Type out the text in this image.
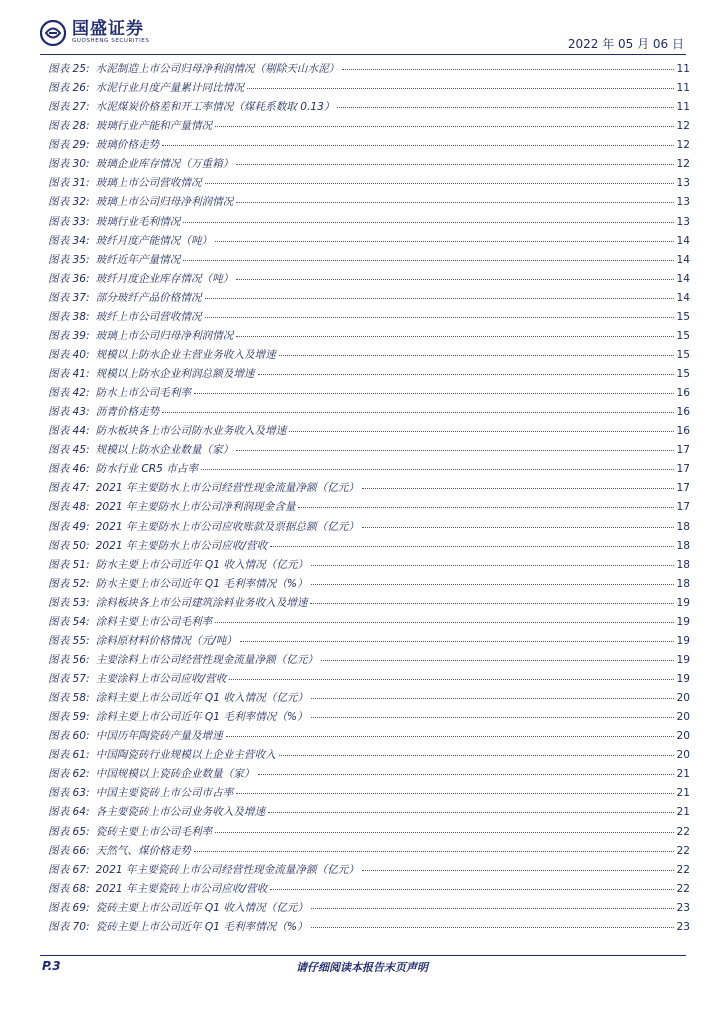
国盛证券
GUOSHENG SECURITIES	2022 年 05 月 06 日
图表 25: 水泥制造上市公司归母净利润情况（剔除天山水泥）	11
图表 26: 水泥行业月度产量累计同比情况	11
图表 27: 水泥煤炭价格差和开工率情况（煤耗系数取 0.13）	11
图表 28: 玻璃行业产能和产量情况	12
图表 29: 玻璃价格走势	12
图表 30: 玻璃企业库存情况（万重箱）	12
图表 31: 玻璃上市公司营收情况	13
图表 32: 玻璃上市公司归母净利润情况	13
图表 33: 玻璃行业毛利情况	13
图表 34: 玻纤月度产能情况（吨）	14
图表 35: 玻纤近年产量情况	14
图表 36: 玻纤月度企业库存情况（吨）	14
图表 37: 部分玻纤产品价格情况	14
图表 38: 玻纤上市公司营收情况	15
图表 39: 玻璃上市公司归母净利润情况	15
图表 40: 规模以上防水企业主营业务收入及增速	15
图表 41: 规模以上防水企业利润总额及增速	15
图表 42: 防水上市公司毛利率	16
图表 43: 沥青价格走势	16
图表 44: 防水板块各上市公司防水业务收入及增速	16
图表 45: 规模以上防水企业数量（家）	17
图表 46: 防水行业 CR5 市占率	17
图表 47: 2021 年主要防水上市公司经营性现金流量净额（亿元）	17
图表 48: 2021 年主要防水上市公司净利润现金含量	17
图表 49: 2021 年主要防水上市公司应收账款及票据总额（亿元）	18
图表 50: 2021 年主要防水上市公司应收/营收	18
图表 51: 防水主要上市公司近年 Q1 收入情况（亿元）	18
图表 52: 防水主要上市公司近年 Q1 毛利率情况（%）	18
图表 53: 涂料板块各上市公司建筑涂料业务收入及增速	19
图表 54: 涂料主要上市公司毛利率	19
图表 55: 涂料原材料价格情况（元/吨）	19
图表 56: 主要涂料上市公司经营性现金流量净额（亿元）	19
图表 57: 主要涂料上市公司应收/营收	19
图表 58: 涂料主要上市公司近年 Q1 收入情况（亿元）	20
图表 59: 涂料主要上市公司近年 Q1 毛利率情况（%）	20
图表 60: 中国历年陶瓷砖产量及增速	20
图表 61: 中国陶瓷砖行业规模以上企业主营收入	20
图表 62: 中国规模以上瓷砖企业数量（家）	21
图表 63: 中国主要瓷砖上市公司市占率	21
图表 64: 各主要瓷砖上市公司业务收入及增速	21
图表 65: 瓷砖主要上市公司毛利率	22
图表 66: 天然气、煤价格走势	22
图表 67: 2021 年主要瓷砖上市公司经营性现金流量净额（亿元）	22
图表 68: 2021 年主要瓷砖上市公司应收/营收	22
图表 69: 瓷砖主要上市公司近年 Q1 收入情况（亿元）	23
图表 70: 瓷砖主要上市公司近年 Q1 毛利率情况（%）	23
P.3	请仔细阅读本报告末页声明
